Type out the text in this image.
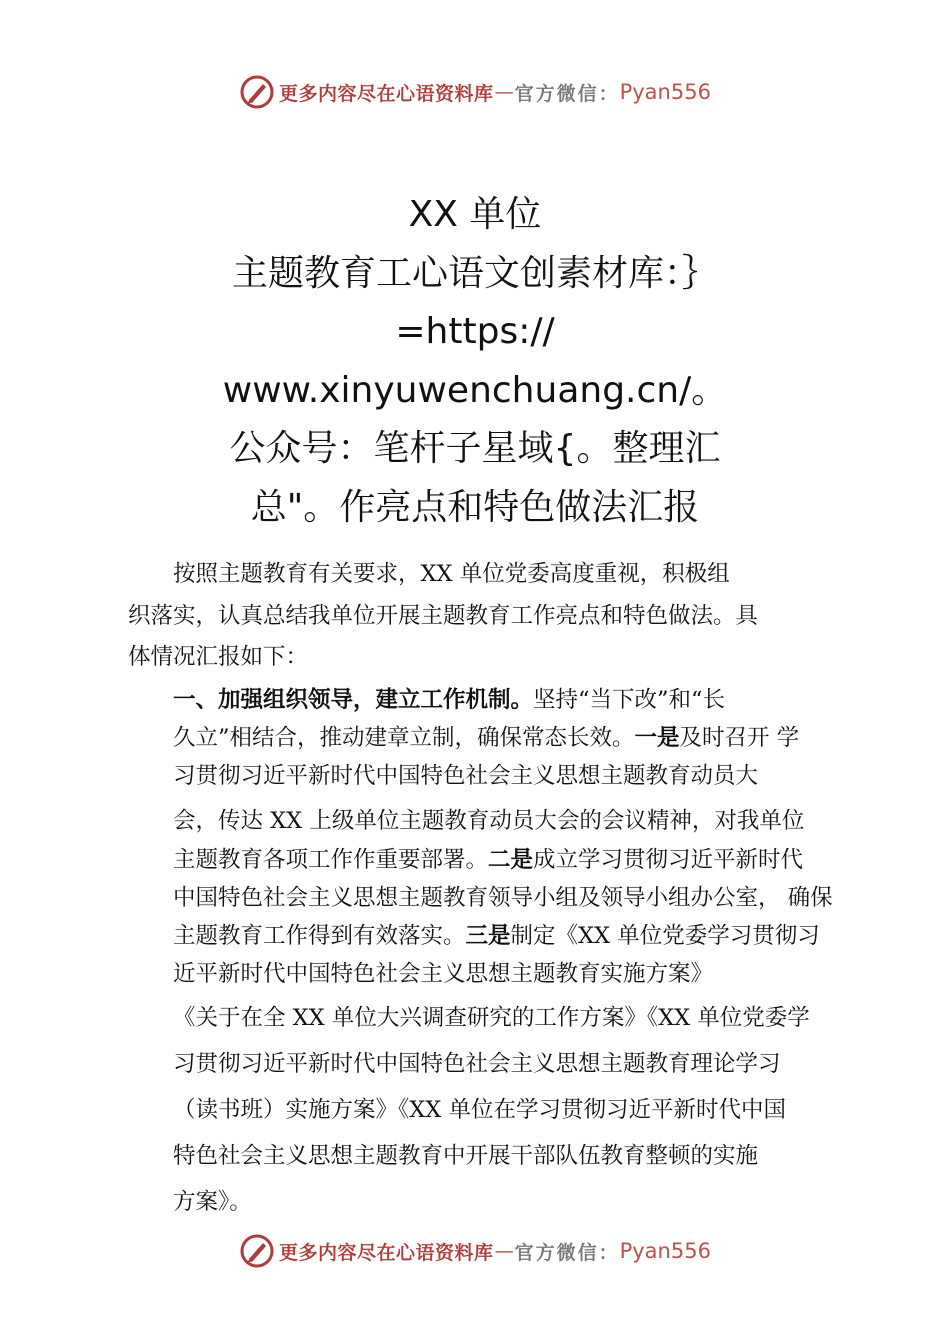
更多内容尽在心语资料库 — 官方微信： Pyan556
XX 单位
主题教育工心语文创素材库：｝
=https://
www.xinyuwenchuang.cn/。
公众号：笔杆子星域{。整理汇
总"。作亮点和特色做法汇报

按照主题教育有关要求，XX 单位党委高度重视，积极组
织落实，认真总结我单位开展主题教育工作亮点和特色做法。具
体情况汇报如下：

一、加强组织领导，建立工作机制。坚持“当下改”和“长
久立”相结合，推动建章立制，确保常态长效。一是及时召开 学
习贯彻习近平新时代中国特色社会主义思想主题教育动员大
会，传达 XX 上级单位主题教育动员大会的会议精神，对我单位
主题教育各项工作作重要部署。二是成立学习贯彻习近平新时代
中国特色社会主义思想主题教育领导小组及领导小组办公室， 确保
主题教育工作得到有效落实。三是制定《XX 单位党委学习贯彻习
近平新时代中国特色社会主义思想主题教育实施方案》
《关于在全 XX 单位大兴调查研究的工作方案》《XX 单位党委学
习贯彻习近平新时代中国特色社会主义思想主题教育理论学习
（读书班）实施方案》《XX 单位在学习贯彻习近平新时代中国
特色社会主义思想主题教育中开展干部队伍教育整顿的实施
方案》。
更多内容尽在心语资料库 — 官方微信： Pyan556
